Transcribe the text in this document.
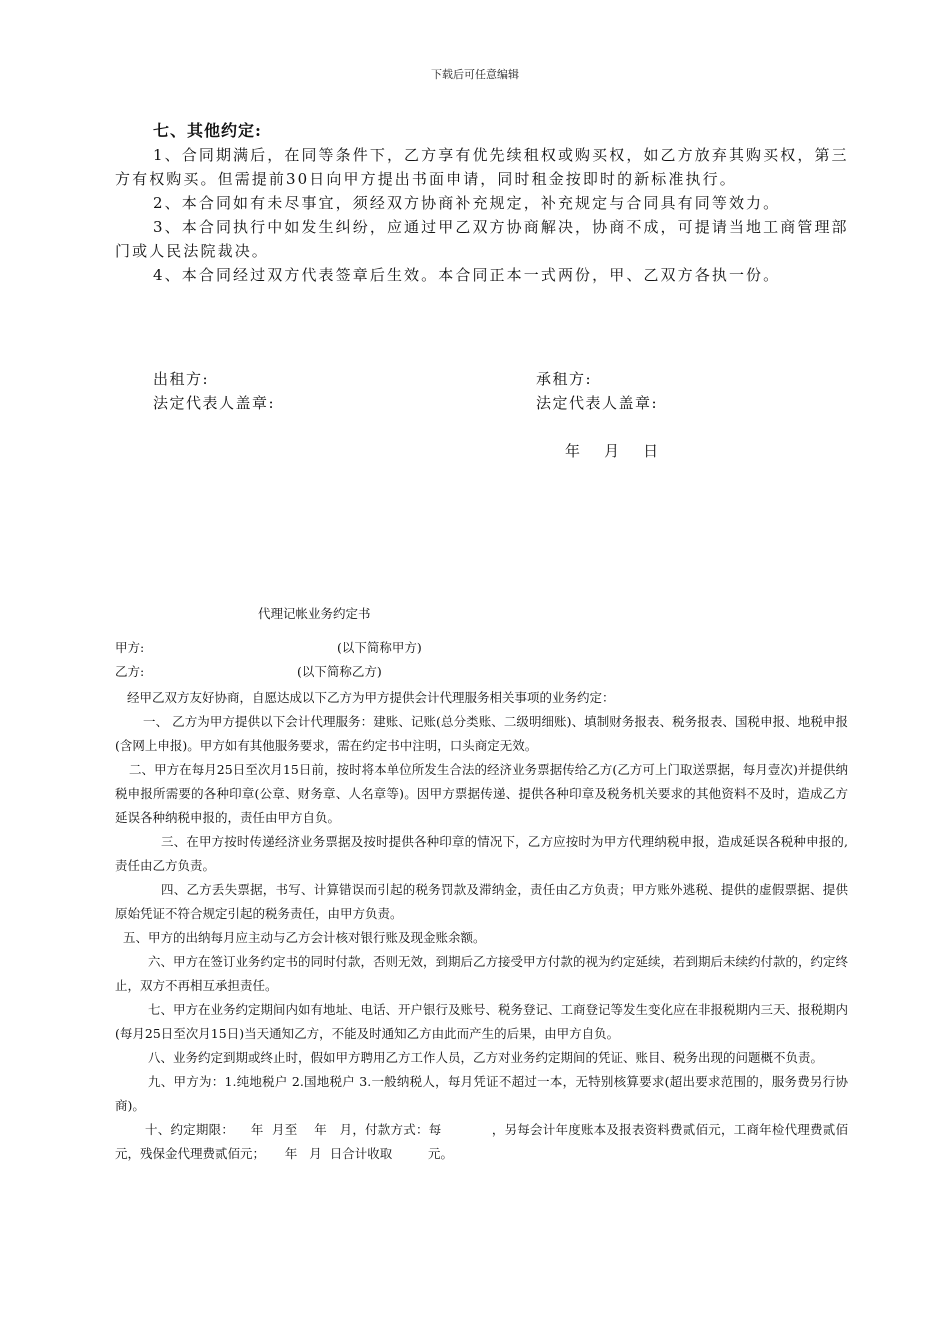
下载后可任意编辑
七、其他约定:

1、合同期满后，在同等条件下，乙方享有优先续租权或购买权，如乙方放弃其购买权，第三方有权购买。但需提前30日向甲方提出书面申请，同时租金按即时的新标准执行。

2、本合同如有未尽事宜，须经双方协商补充规定，补充规定与合同具有同等效力。

3、本合同执行中如发生纠纷，应通过甲乙双方协商解决，协商不成，可提请当地工商管理部门或人民法院裁决。

4、本合同经过双方代表签章后生效。本合同正本一式两份，甲、乙双方各执一份。

出租方:
法定代表人盖章:
承租方:
法定代表人盖章:
年    月    日
代理记帐业务约定书
甲方:	(以下简称甲方)
乙方:	(以下简称乙方)

经甲乙双方友好协商，自愿达成以下乙方为甲方提供会计代理服务相关事项的业务约定：

一、 乙方为甲方提供以下会计代理服务：建账、记账(总分类账、二级明细账)、填制财务报表、税务报表、国税申报、地税申报(含网上申报)。甲方如有其他服务要求，需在约定书中注明，口头商定无效。

二、甲方在每月25日至次月15日前，按时将本单位所发生合法的经济业务票据传给乙方(乙方可上门取送票据，每月壹次)并提供纳税申报所需要的各种印章(公章、财务章、人名章等)。因甲方票据传递、提供各种印章及税务机关要求的其他资料不及时，造成乙方延误各种纳税申报的，责任由甲方自负。

三、在甲方按时传递经济业务票据及按时提供各种印章的情况下，乙方应按时为甲方代理纳税申报，造成延误各税种申报的, 责任由乙方负责。

四、乙方丢失票据，书写、计算错误而引起的税务罚款及滞纳金，责任由乙方负责；甲方账外逃税、提供的虚假票据、提供原始凭证不符合规定引起的税务责任，由甲方负责。

五、甲方的出纳每月应主动与乙方会计核对银行账及现金账余额。

六、甲方在签订业务约定书的同时付款，否则无效，到期后乙方接受甲方付款的视为约定延续，若到期后未续约付款的，约定终止，双方不再相互承担责任。

七、甲方在业务约定期间内如有地址、电话、开户银行及账号、税务登记、工商登记等发生变化应在非报税期内三天、报税期内(每月25日至次月15日)当天通知乙方，不能及时通知乙方由此而产生的后果，由甲方自负。

八、业务约定到期或终止时，假如甲方聘用乙方工作人员，乙方对业务约定期间的凭证、账目、税务出现的问题概不负责。

九、甲方为：1.纯地税户 2.国地税户 3.一般纳税人，每月凭证不超过一本，无特别核算要求(超出要求范围的，服务费另行协商)。

十、约定期限：    年  月至    年   月，付款方式：每            ，另每会计年度账本及报表资料费贰佰元，工商年检代理费贰佰元，残保金代理费贰佰元；     年   月  日合计收取         元。
